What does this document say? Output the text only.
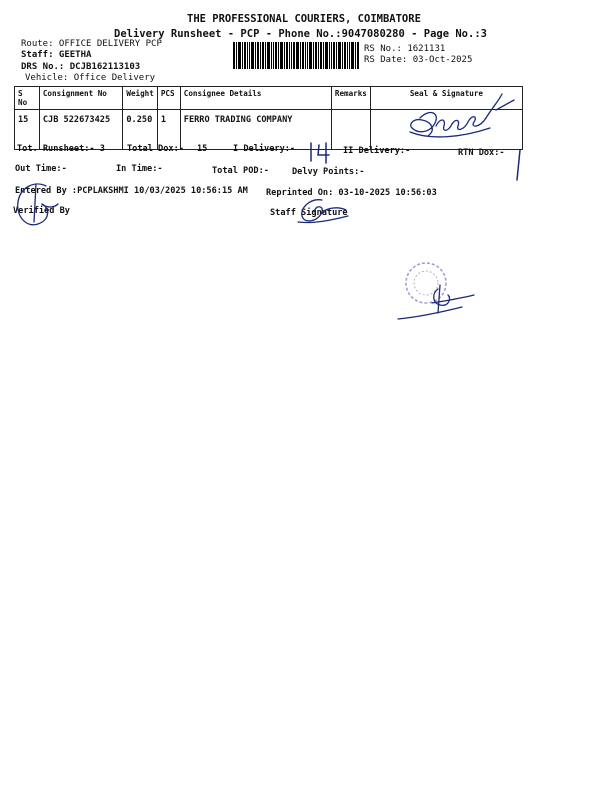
THE PROFESSIONAL COURIERS, COIMBATORE
Delivery Runsheet - PCP - Phone No.:9047080280 - Page No.:3
Route: OFFICE DELIVERY PCP
Staff: GEETHA
DRS No.: DCJB162113103
Vehicle: Office Delivery
RS No.: 1621131
RS Date: 03-Oct-2025
S No	Consignment No	Weight	PCS	Consignee Details	Remarks	Seal & Signature
15	CJB 522673425	0.250	1	FERRO TRADING COMPANY		
Tot. Runsheet:- 3	Total Dox:- 15	I Delivery:-	II Delivery:-	RTN Dox:-
Out Time:-	In Time:-	Total POD:-	Delvy Points:-
Entered By :PCPLAKSHMI 10/03/2025 10:56:15 AM Reprinted On: 03-10-2025 10:56:03
Verified By	Staff Signature
14	1
